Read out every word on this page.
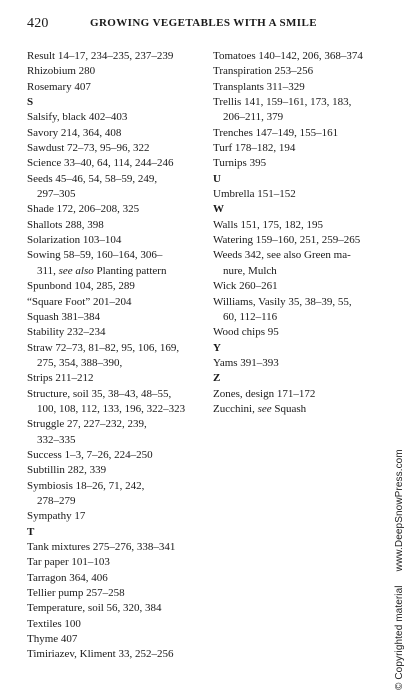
420	GROWING VEGETABLES WITH A SMILE
Result 14–17, 234–235, 237–239
Rhizobium 280
Rosemary 407
S
Salsify, black 402–403
Savory 214, 364, 408
Sawdust 72–73, 95–96, 322
Science 33–40, 64, 114, 244–246
Seeds 45–46, 54, 58–59, 249,
297–305
Shade 172, 206–208, 325
Shallots 288, 398
Solarization 103–104
Sowing 58–59, 160–164, 306–
311, see also Planting pattern
Spunbond 104, 285, 289
“Square Foot” 201–204
Squash 381–384
Stability 232–234
Straw 72–73, 81–82, 95, 106, 169,
275, 354, 388–390,
Strips 211–212
Structure, soil 35, 38–43, 48–55,
100, 108, 112, 133, 196, 322–323
Struggle 27, 227–232, 239,
332–335
Success 1–3, 7–26, 224–250
Subtillin 282, 339
Symbiosis 18–26, 71, 242,
278–279
Sympathy 17
T
Tank mixtures 275–276, 338–341
Tar paper 101–103
Tarragon 364, 406
Tellier pump 257–258
Temperature, soil 56, 320, 384
Textiles 100
Thyme 407
Timiriazev, Kliment 33, 252–256
Tomatoes 140–142, 206, 368–374
Transpiration 253–256
Transplants 311–329
Trellis 141, 159–161, 173, 183,
206–211, 379
Trenches 147–149, 155–161
Turf 178–182, 194
Turnips 395
U
Umbrella 151–152
W
Walls 151, 175, 182, 195
Watering 159–160, 251, 259–265
Weeds 342, see also Green ma-
nure, Mulch
Wick 260–261
Williams, Vasily 35, 38–39, 55,
60, 112–116
Wood chips 95
Y
Yams 391–393
Z
Zones, design 171–172
Zucchini, see Squash
© Copyrighted materialwww.DeepSnowPress.com
